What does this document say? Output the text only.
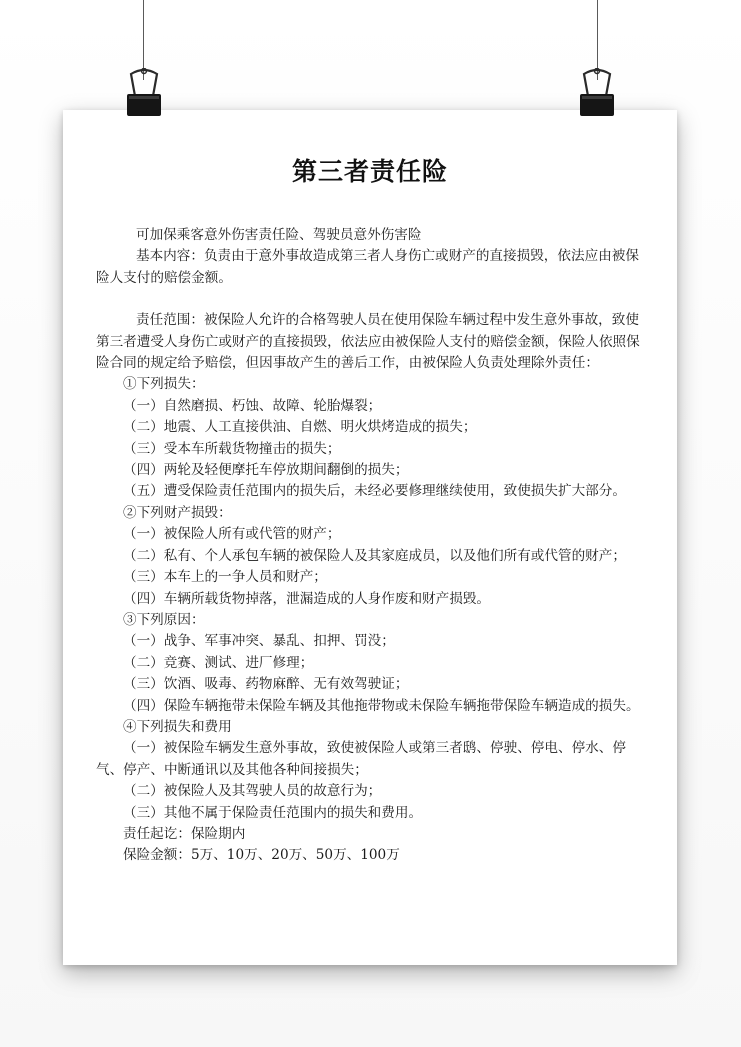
第三者责任险

可加保乘客意外伤害责任险、驾驶员意外伤害险

基本内容：负责由于意外事故造成第三者人身伤亡或财产的直接损毁，依法应由被保险人支付的赔偿金额。

责任范围：被保险人允许的合格驾驶人员在使用保险车辆过程中发生意外事故，致使第三者遭受人身伤亡或财产的直接损毁，依法应由被保险人支付的赔偿金额，保险人依照保险合同的规定给予赔偿，但因事故产生的善后工作，由被保险人负责处理除外责任：

①下列损失：

（一）自然磨损、朽蚀、故障、轮胎爆裂；

（二）地震、人工直接供油、自燃、明火烘烤造成的损失；

（三）受本车所载货物撞击的损失；

（四）两轮及轻便摩托车停放期间翻倒的损失；

（五）遭受保险责任范围内的损失后，未经必要修理继续使用，致使损失扩大部分。

②下列财产损毁：

（一）被保险人所有或代管的财产；

（二）私有、个人承包车辆的被保险人及其家庭成员，以及他们所有或代管的财产；

（三）本车上的一争人员和财产；

（四）车辆所载货物掉落，泄漏造成的人身作废和财产损毁。

③下列原因：

（一）战争、军事冲突、暴乱、扣押、罚没；

（二）竞赛、测试、进厂修理；

（三）饮酒、吸毒、药物麻醉、无有效驾驶证；

（四）保险车辆拖带未保险车辆及其他拖带物或未保险车辆拖带保险车辆造成的损失。

④下列损失和费用

（一）被保险车辆发生意外事故，致使被保险人或第三者鸱、停驶、停电、停水、停气、停产、中断通讯以及其他各种间接损失；

（二）被保险人及其驾驶人员的故意行为；

（三）其他不属于保险责任范围内的损失和费用。

责任起讫：保险期内

保险金额：5万、10万、20万、50万、100万
